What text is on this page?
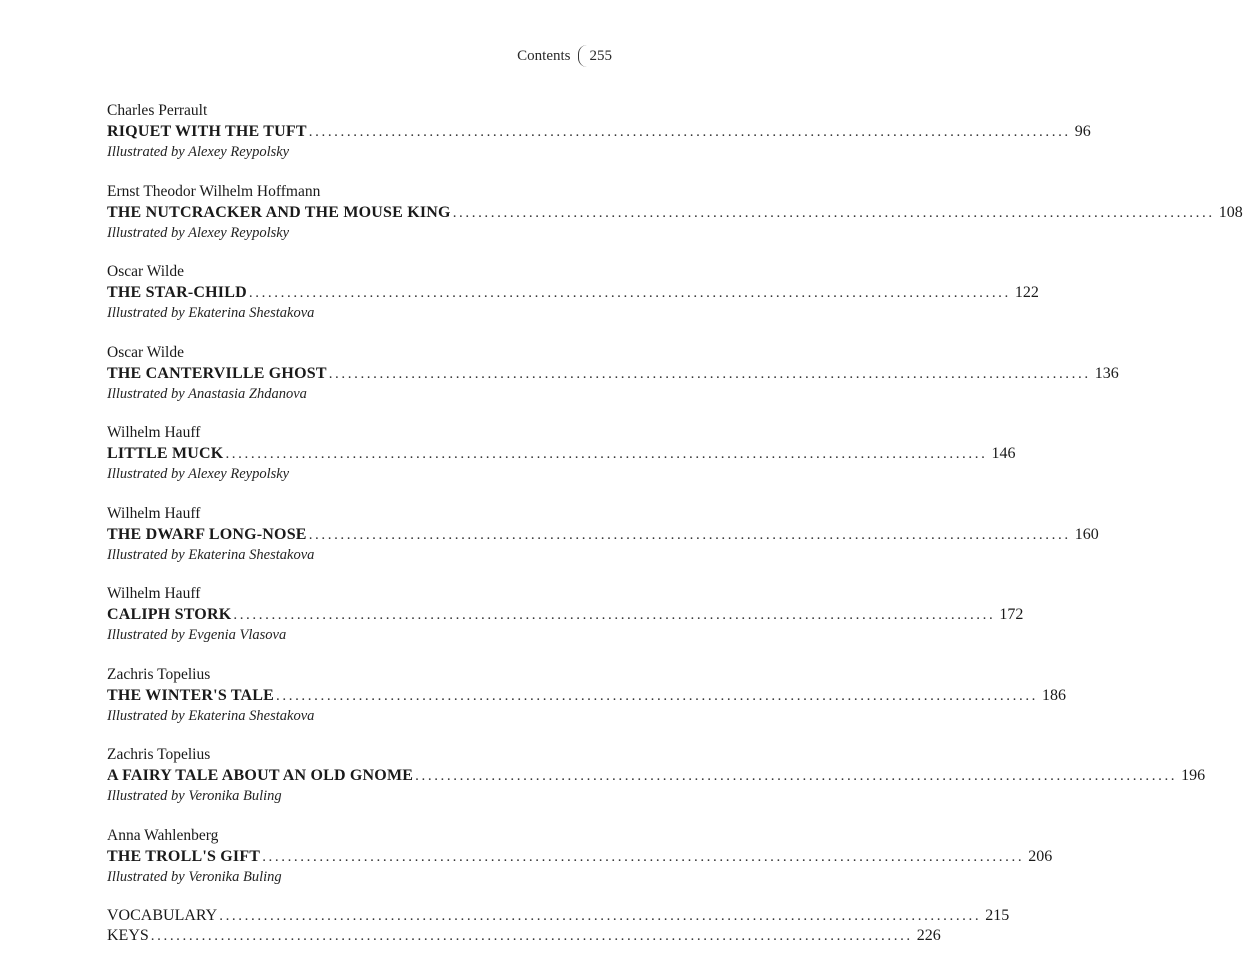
Contents 255
Charles Perrault
RIQUET WITH THE TUFT ........................................................................................................................ 96
Illustrated by Alexey Reypolsky
Ernst Theodor Wilhelm Hoffmann
THE NUTCRACKER AND THE MOUSE KING ........................................................................................................................ 108
Illustrated by Alexey Reypolsky
Oscar Wilde
THE STAR-CHILD ........................................................................................................................ 122
Illustrated by Ekaterina Shestakova
Oscar Wilde
THE CANTERVILLE GHOST ........................................................................................................................ 136
Illustrated by Anastasia Zhdanova
Wilhelm Hauff
LITTLE MUCK ........................................................................................................................ 146
Illustrated by Alexey Reypolsky
Wilhelm Hauff
THE DWARF LONG-NOSE ........................................................................................................................ 160
Illustrated by Ekaterina Shestakova
Wilhelm Hauff
CALIPH STORK ........................................................................................................................ 172
Illustrated by Evgenia Vlasova
Zachris Topelius
THE WINTER'S TALE ........................................................................................................................ 186
Illustrated by Ekaterina Shestakova
Zachris Topelius
A FAIRY TALE ABOUT AN OLD GNOME ........................................................................................................................ 196
Illustrated by Veronika Buling
Anna Wahlenberg
THE TROLL'S GIFT ........................................................................................................................ 206
Illustrated by Veronika Buling
VOCABULARY ........................................................................................................................ 215
KEYS ........................................................................................................................ 226
